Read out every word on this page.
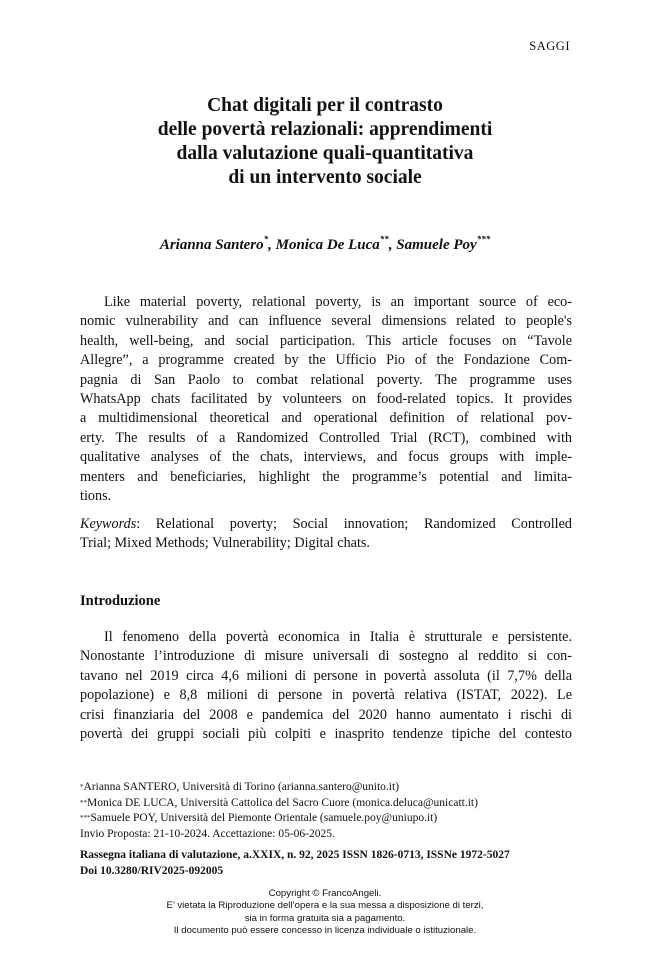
SAGGI
Chat digitali per il contrasto
delle povertà relazionali: apprendimenti
dalla valutazione quali-quantitativa
di un intervento sociale
Arianna Santero*, Monica De Luca**, Samuele Poy***
Like material poverty, relational poverty, is an important source of eco-
nomic vulnerability and can influence several dimensions related to people's
health, well-being, and social participation. This article focuses on “Tavole
Allegre”, a programme created by the Ufficio Pio of the Fondazione Com-
pagnia di San Paolo to combat relational poverty. The programme uses
WhatsApp chats facilitated by volunteers on food-related topics. It provides
a multidimensional theoretical and operational definition of relational pov-
erty. The results of a Randomized Controlled Trial (RCT), combined with
qualitative analyses of the chats, interviews, and focus groups with imple-
menters and beneficiaries, highlight the programme’s potential and limita-
tions.
Keywords: Relational poverty; Social innovation; Randomized Controlled
Trial; Mixed Methods; Vulnerability; Digital chats.
Introduzione
Il fenomeno della povertà economica in Italia è strutturale e persistente.
Nonostante l’introduzione di misure universali di sostegno al reddito si con-
tavano nel 2019 circa 4,6 milioni di persone in povertà assoluta (il 7,7% della
popolazione) e 8,8 milioni di persone in povertà relativa (ISTAT, 2022). Le
crisi finanziaria del 2008 e pandemica del 2020 hanno aumentato i rischi di
povertà dei gruppi sociali più colpiti e inasprito tendenze tipiche del contesto
*Arianna SANTERO, Università di Torino (arianna.santero@unito.it)
**Monica DE LUCA, Università Cattolica del Sacro Cuore (monica.deluca@unicatt.it)
***Samuele POY, Università del Piemonte Orientale (samuele.poy@uniupo.it)
Invio Proposta: 21-10-2024. Accettazione: 05-06-2025.
Rassegna italiana di valutazione, a.XXIX, n. 92, 2025 ISSN 1826-0713, ISSNe 1972-5027
Doi 10.3280/RIV2025-092005
Copyright © FrancoAngeli.
E’ vietata la Riproduzione dell’opera e la sua messa a disposizione di terzi,
sia in forma gratuita sia a pagamento.
Il documento può essere concesso in licenza individuale o istituzionale.
